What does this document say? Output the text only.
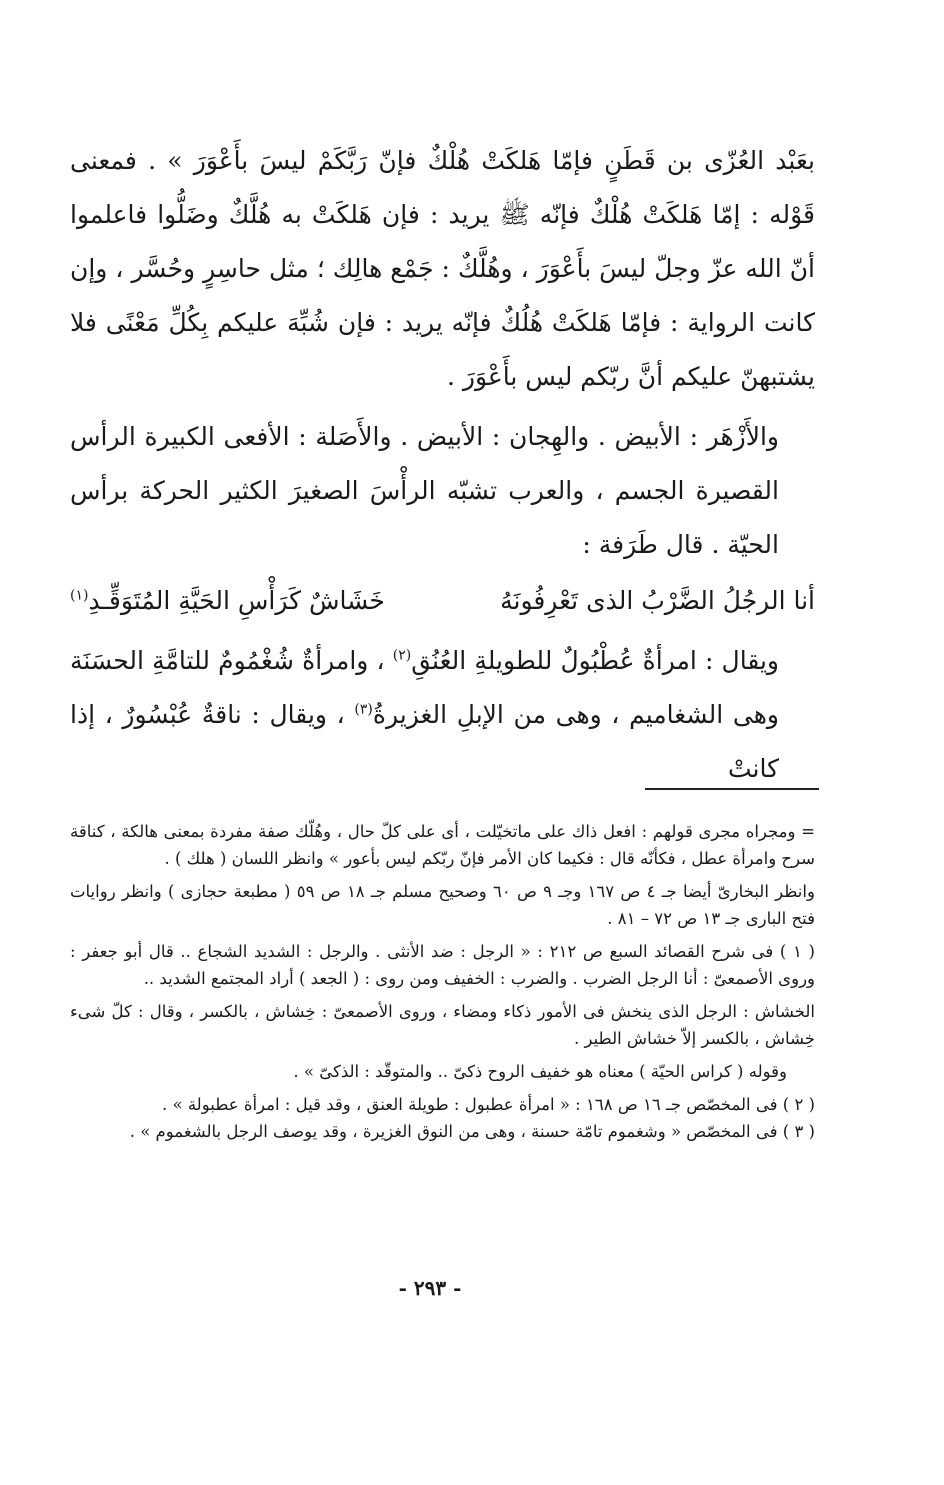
بعَبْد العُزّى بن قَطَنٍ فإمّا هَلكَتْ هُلْكٌ فإنّ رَبَّكَمْ ليسَ بأَعْوَرَ » . فمعنى قَوْله : إمّا هَلكَتْ هُلْكٌ فإنّه ﷺ يريد : فإن هَلكَتْ به هُلَّكٌ وضَلُّوا فاعلموا أنّ الله عزّ وجلّ ليسَ بأَعْوَرَ ، وهُلَّكٌ : جَمْع هالِك ؛ مثل حاسِرٍ وحُسَّر ، وإن كانت الرواية : فإمّا هَلكَتْ هُلُكٌ فإنّه يريد : فإن شُبِّهَ عليكم بِكُلِّ مَعْنًى فلا يشتبهنّ عليكم أنَّ ربّكم ليس بأَعْوَرَ .

والأَزْهَر : الأبيض . والهِجان : الأبيض . والأَصَلة : الأفعى الكبيرة الرأس القصيرة الجسم ، والعرب تشبّه الرأْسَ الصغيرَ الكثير الحركة برأس الحيّة . قال طَرَفة :

أنا الرجُلُ الضَّرْبُ الذى تَعْرِفُونَهُ
خَشَاشٌ كَرَأْسِ الحَيَّةِ المُتَوَقِّـدِ$^{(١)}$

ويقال : امرأةٌ عُطْبُولٌ للطويلةِ العُنُقِ$^{(٢)}$ ، وامرأةٌ شُغْمُومٌ للتامَّةِ الحسَنَة وهى الشغاميم ، وهى من الإبلِ الغزيرةُ$^{(٣)}$ ، ويقال : ناقةٌ عُبْسُورٌ ، إذا كانتْ

= ومجراه مجرى قولهم : افعل ذاك على ماتخيّلت ، أى على كلّ حال ، وهُلّك صفة مفردة بمعنى هالكة ، كناقة سرح وامرأة عطل ، فكأنّه قال : فكيما كان الأمر فإنّ ربّكم ليس بأعور » وانظر اللسان ( هلك ) .

وانظر البخارىّ أيضا جـ ٤ ص ١٦٧ وجـ ٩ ص ٦٠ وصحيح مسلم جـ ١٨ ص ٥٩ ( مطبعة حجازى ) وانظر روايات فتح البارى جـ ١٣ ص ٧٢ – ٨١ .

( ١ ) فى شرح القصائد السبع ص ٢١٢ : « الرجل : ضد الأنثى . والرجل : الشديد الشجاع .. قال أبو جعفر : وروى الأصمعىّ : أنا الرجل الضرب . والضرب : الخفيف ومن روى : ( الجعد ) أراد المجتمع الشديد ..

الخشاش : الرجل الذى ينخش فى الأمور ذكاء ومضاء ، وروى الأصمعىّ : خِشاش ، بالكسر ، وقال : كلّ شىء خِشاش ، بالكسر إلاّ خشاش الطير .

وقوله ( كراس الحيّة ) معناه هو خفيف الروح ذكىّ .. والمتوقّد : الذكىّ » .

( ٢ ) فى المخصّص جـ ١٦ ص ١٦٨ : « امرأة عطبول : طويلة العنق ، وقد قيل : امرأة عطبولة » .

( ٣ ) فى المخصّص « وشغموم تامّة حسنة ، وهى من النوق الغزيرة ، وقد يوصف الرجل بالشغموم » .

- ٢٩٣ -
